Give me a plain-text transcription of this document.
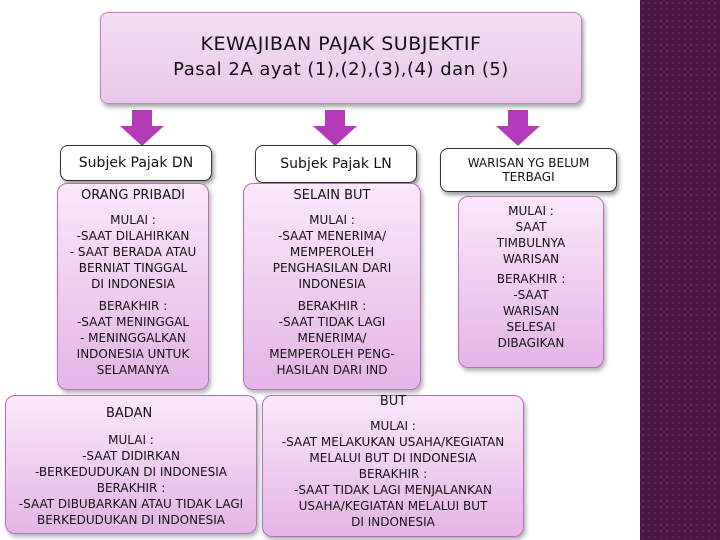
KEWAJIBAN PAJAK SUBJEKTIF
Pasal 2A ayat (1),(2),(3),(4) dan (5)
Subjek Pajak DN	Subjek Pajak LN	WARISAN YG BELUM
TERBAGI
ORANG PRIBADI
MULAI :
-SAAT DILAHIRKAN
- SAAT BERADA ATAU
BERNIAT TINGGAL
DI INDONESIA
BERAKHIR :
-SAAT MENINGGAL
- MENINGGALKAN
INDONESIA UNTUK
SELAMANYA
SELAIN BUT
MULAI :
-SAAT MENERIMA/
MEMPEROLEH
PENGHASILAN DARI
INDONESIA
BERAKHIR :
-SAAT TIDAK LAGI
MENERIMA/
MEMPEROLEH PENG-
HASILAN DARI IND
MULAI :
SAAT
TIMBULNYA
WARISAN
BERAKHIR :
-SAAT
WARISAN
SELESAI
DIBAGIKAN
BADAN
MULAI :
-SAAT DIDIRKAN
-BERKEDUDUKAN DI INDONESIA
BERAKHIR :
-SAAT DIBUBARKAN ATAU TIDAK LAGI
BERKEDUDUKAN DI INDONESIA
BUT
MULAI :
-SAAT MELAKUKAN USAHA/KEGIATAN
MELALUI BUT DI INDONESIA
BERAKHIR :
-SAAT TIDAK LAGI MENJALANKAN
USAHA/KEGIATAN MELALUI BUT
DI INDONESIA
